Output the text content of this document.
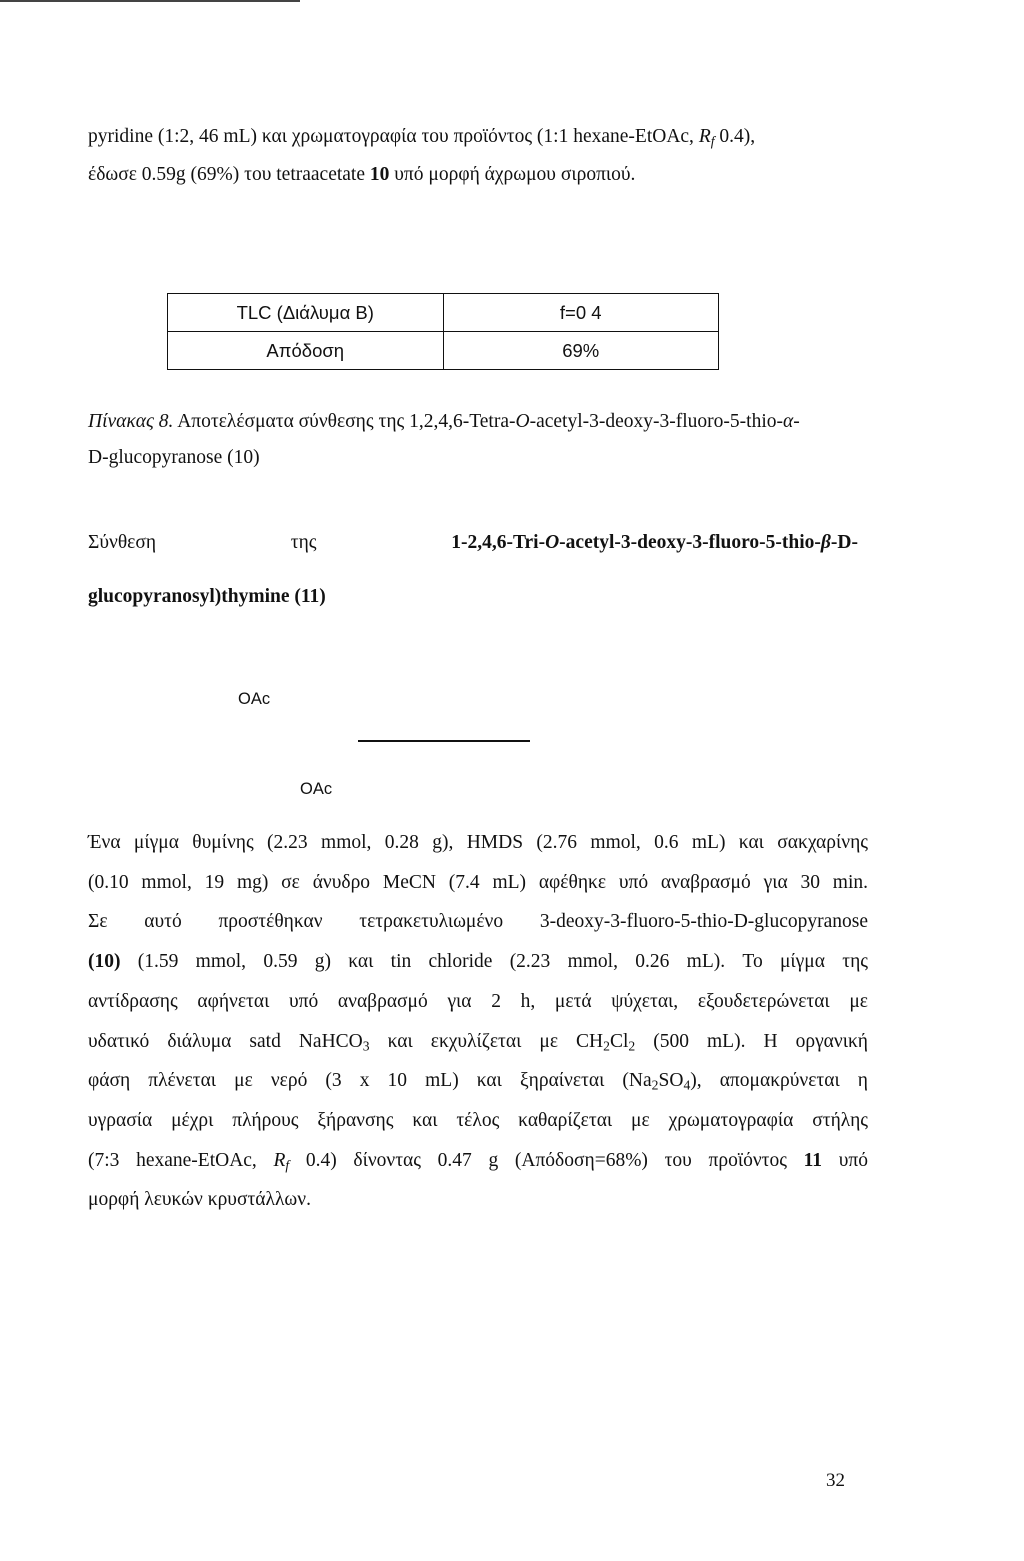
pyridine (1:2, 46 mL) και χρωματογραφία του προϊόντος (1:1 hexane-EtOAc, $R_f$ 0.4),
έδωσε 0.59g (69%) του tetraacetate 10 υπό μορφή άχρωμου σιροπιού.
TLC (Διάλυμα B)	f=0 4
Απόδοση	69%
Πίνακας 8. Αποτελέσματα σύνθεσης της 1,2,4,6-Tetra-O-acetyl-3-deoxy-3-fluoro-5-thio-α-
D-glucopyranose (10)
Σύνθεση	της	1-2,4,6-Tri-O-acetyl-3-deoxy-3-fluoro-5-thio-β-D-
glucopyranosyl)thymine (11)
OAc
OAc
Ένα μίγμα θυμίνης (2.23 mmol, 0.28 g), HMDS (2.76 mmol, 0.6 mL) και σακχαρίνης
(0.10 mmol, 19 mg) σε άνυδρο MeCN (7.4 mL) αφέθηκε υπό αναβρασμό για 30 min.
Σε αυτό προστέθηκαν τετρακετυλιωμένο 3-deoxy-3-fluoro-5-thio-D-glucopyranose
(10) (1.59 mmol, 0.59 g) και tin chloride (2.23 mmol, 0.26 mL). Το μίγμα της
αντίδρασης αφήνεται υπό αναβρασμό για 2 h, μετά ψύχεται, εξουδετερώνεται με
υδατικό διάλυμα satd NaHCO$_3$ και εκχυλίζεται με $CH_2Cl_2$ (500 mL). Η οργανική
φάση πλένεται με νερό (3 x 10 mL) και ξηραίνεται $(Na_2SO_4)$, απομακρύνεται η
υγρασία μέχρι πλήρους ξήρανσης και τέλος καθαρίζεται με χρωματογραφία στήλης
(7:3 hexane-EtOAc, $R_f$ 0.4) δίνοντας 0.47 g (Απόδοση=68%) του προϊόντος 11 υπό
μορφή λευκών κρυστάλλων.
32
